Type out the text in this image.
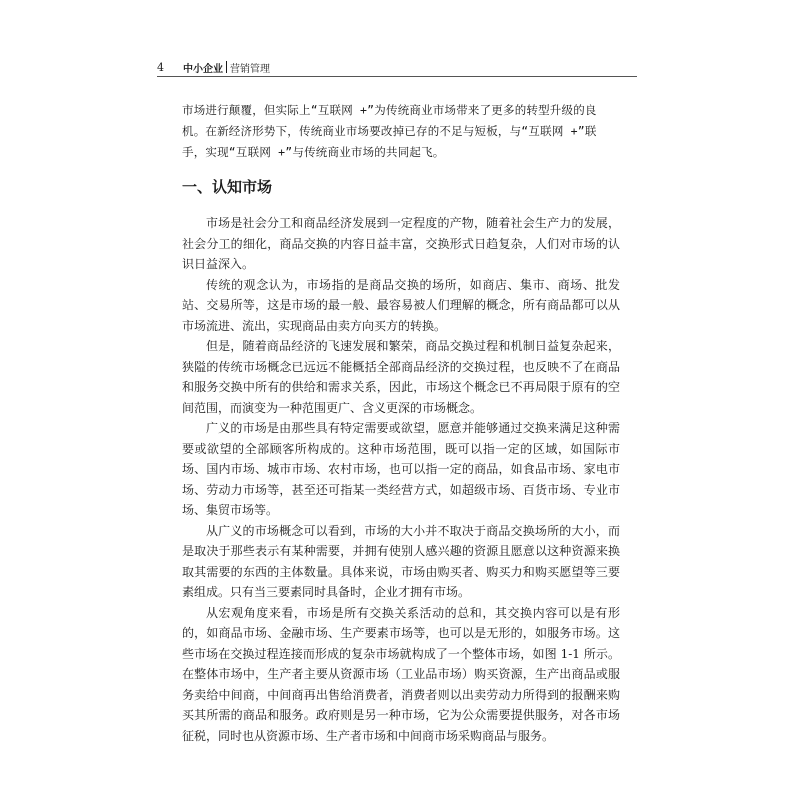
4	中小企业 营销管理

市场进行颠覆，但实际上“互联网 +”为传统商业市场带来了更多的转型升级的良机。在新经济形势下，传统商业市场要改掉已存的不足与短板，与“互联网 +”联手，实现“互联网 +”与传统商业市场的共同起飞。

一、认知市场

市场是社会分工和商品经济发展到一定程度的产物，随着社会生产力的发展，社会分工的细化，商品交换的内容日益丰富，交换形式日趋复杂，人们对市场的认识日益深入。

传统的观念认为，市场指的是商品交换的场所，如商店、集市、商场、批发站、交易所等，这是市场的最一般、最容易被人们理解的概念，所有商品都可以从市场流进、流出，实现商品由卖方向买方的转换。

但是，随着商品经济的飞速发展和繁荣，商品交换过程和机制日益复杂起来，狭隘的传统市场概念已远远不能概括全部商品经济的交换过程，也反映不了在商品和服务交换中所有的供给和需求关系，因此，市场这个概念已不再局限于原有的空间范围，而演变为一种范围更广、含义更深的市场概念。

广义的市场是由那些具有特定需要或欲望，愿意并能够通过交换来满足这种需要或欲望的全部顾客所构成的。这种市场范围，既可以指一定的区域，如国际市场、国内市场、城市市场、农村市场，也可以指一定的商品，如食品市场、家电市场、劳动力市场等，甚至还可指某一类经营方式，如超级市场、百货市场、专业市场、集贸市场等。

从广义的市场概念可以看到，市场的大小并不取决于商品交换场所的大小，而是取决于那些表示有某种需要，并拥有使别人感兴趣的资源且愿意以这种资源来换取其需要的东西的主体数量。具体来说，市场由购买者、购买力和购买愿望等三要素组成。只有当三要素同时具备时，企业才拥有市场。

从宏观角度来看，市场是所有交换关系活动的总和，其交换内容可以是有形的，如商品市场、金融市场、生产要素市场等，也可以是无形的，如服务市场。这些市场在交换过程连接而形成的复杂市场就构成了一个整体市场，如图 1-1 所示。在整体市场中，生产者主要从资源市场（工业品市场）购买资源，生产出商品或服务卖给中间商，中间商再出售给消费者，消费者则以出卖劳动力所得到的报酬来购买其所需的商品和服务。政府则是另一种市场，它为公众需要提供服务，对各市场征税，同时也从资源市场、生产者市场和中间商市场采购商品与服务。
